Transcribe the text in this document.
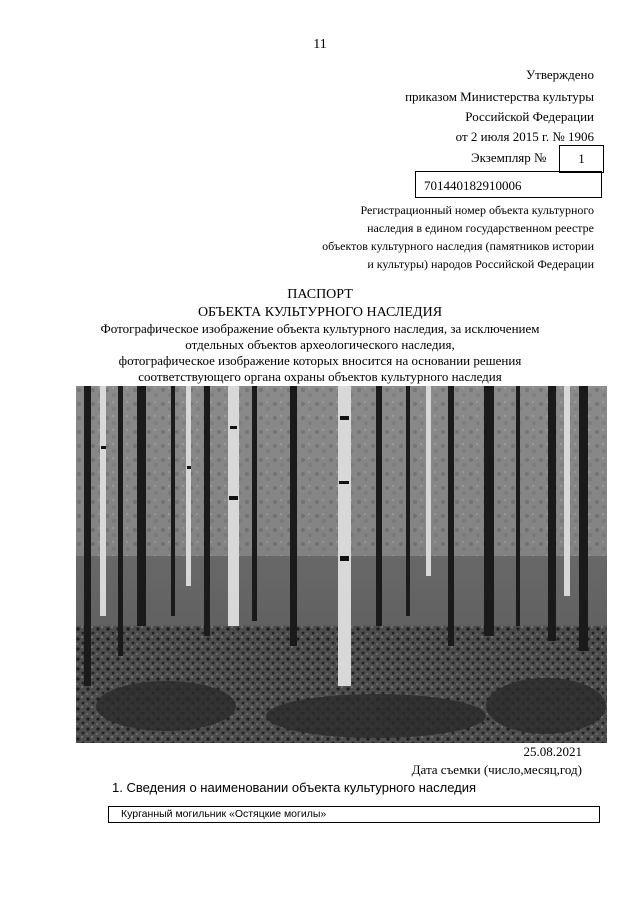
11
Утверждено
приказом Министерства культуры
Российской Федерации
от 2 июля 2015 г. № 1906
Экземпляр №	1
701440182910006
Регистрационный номер объекта культурного
наследия в едином государственном реестре
объектов культурного наследия (памятников истории
и культуры) народов Российской Федерации
ПАСПОРТ
ОБЪЕКТА КУЛЬТУРНОГО НАСЛЕДИЯ
Фотографическое изображение объекта культурного наследия, за исключением
отдельных объектов археологического наследия,
фотографическое изображение которых вносится на основании решения
соответствующего органа охраны объектов культурного наследия
25.08.2021
Дата съемки (число,месяц,год)
1. Сведения о наименовании объекта культурного наследия
Курганный могильник «Остяцкие могилы»
